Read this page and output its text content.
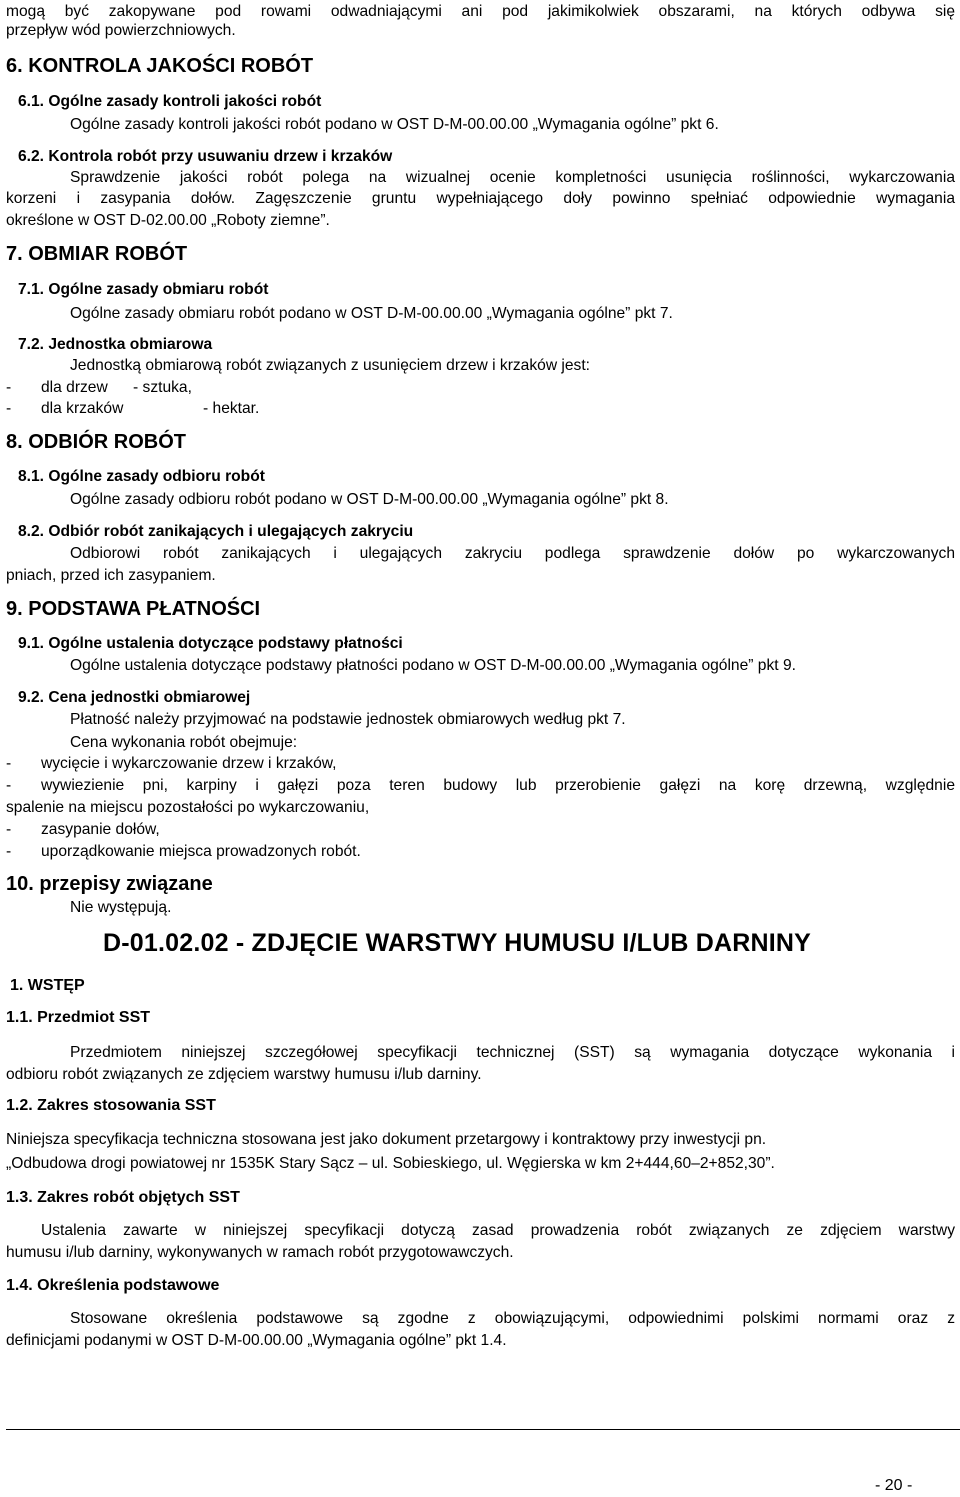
mogą być zakopywane pod rowami odwadniającymi ani pod jakimikolwiek obszarami, na których odbywa się
przepływ wód powierzchniowych.
6. KONTROLA JAKOŚCI ROBÓT
6.1. Ogólne zasady kontroli jakości robót
Ogólne zasady kontroli jakości robót podano w OST D-M-00.00.00 „Wymagania ogólne” pkt 6.
6.2. Kontrola robót przy usuwaniu drzew i krzaków
Sprawdzenie jakości robót polega na wizualnej ocenie kompletności usunięcia roślinności, wykarczowania
korzeni i zasypania dołów. Zagęszczenie gruntu wypełniającego doły powinno spełniać odpowiednie wymagania
określone w OST D-02.00.00 „Roboty ziemne”.
7. OBMIAR ROBÓT
7.1. Ogólne zasady obmiaru robót
Ogólne zasady obmiaru robót podano w OST D-M-00.00.00 „Wymagania ogólne” pkt 7.
7.2. Jednostka obmiarowa
Jednostką obmiarową robót związanych z usunięciem drzew i krzaków jest:
- dla drzew - sztuka,
- dla krzaków	- hektar.
8. ODBIÓR ROBÓT
8.1. Ogólne zasady odbioru robót
Ogólne zasady odbioru robót podano w OST D-M-00.00.00 „Wymagania ogólne” pkt 8.
8.2. Odbiór robót zanikających i ulegających zakryciu
Odbiorowi robót zanikających i ulegających zakryciu podlega sprawdzenie dołów po wykarczowanych
pniach, przed ich zasypaniem.
9. PODSTAWA PŁATNOŚCI
9.1. Ogólne ustalenia dotyczące podstawy płatności
Ogólne ustalenia dotyczące podstawy płatności podano w OST D-M-00.00.00 „Wymagania ogólne” pkt 9.
9.2. Cena jednostki obmiarowej
Płatność należy przyjmować na podstawie jednostek obmiarowych według pkt 7.
Cena wykonania robót obejmuje:
- wycięcie i wykarczowanie drzew i krzaków,
- wywiezienie pni, karpiny i gałęzi poza teren budowy lub przerobienie gałęzi na korę drzewną, względnie
spalenie na miejscu pozostałości po wykarczowaniu,
- zasypanie dołów,
- uporządkowanie miejsca prowadzonych robót.
10. przepisy związane
Nie występują.
D-01.02.02 - ZDJĘCIE WARSTWY HUMUSU I/LUB DARNINY
1. WSTĘP
1.1. Przedmiot SST
Przedmiotem niniejszej szczegółowej specyfikacji technicznej (SST) są wymagania dotyczące wykonania i
odbioru robót związanych ze zdjęciem warstwy humusu i/lub darniny.
1.2. Zakres stosowania SST
Niniejsza specyfikacja techniczna stosowana jest jako dokument przetargowy i kontraktowy przy inwestycji pn.
„Odbudowa drogi powiatowej nr 1535K Stary Sącz – ul. Sobieskiego, ul. Węgierska w km 2+444,60–2+852,30”.
1.3. Zakres robót objętych SST
Ustalenia zawarte w niniejszej specyfikacji dotyczą zasad prowadzenia robót związanych ze zdjęciem warstwy
humusu i/lub darniny, wykonywanych w ramach robót przygotowawczych.
1.4. Określenia podstawowe
Stosowane określenia podstawowe są zgodne z obowiązującymi, odpowiednimi polskimi normami oraz z
definicjami podanymi w OST D-M-00.00.00 „Wymagania ogólne” pkt 1.4.
- 20 -
